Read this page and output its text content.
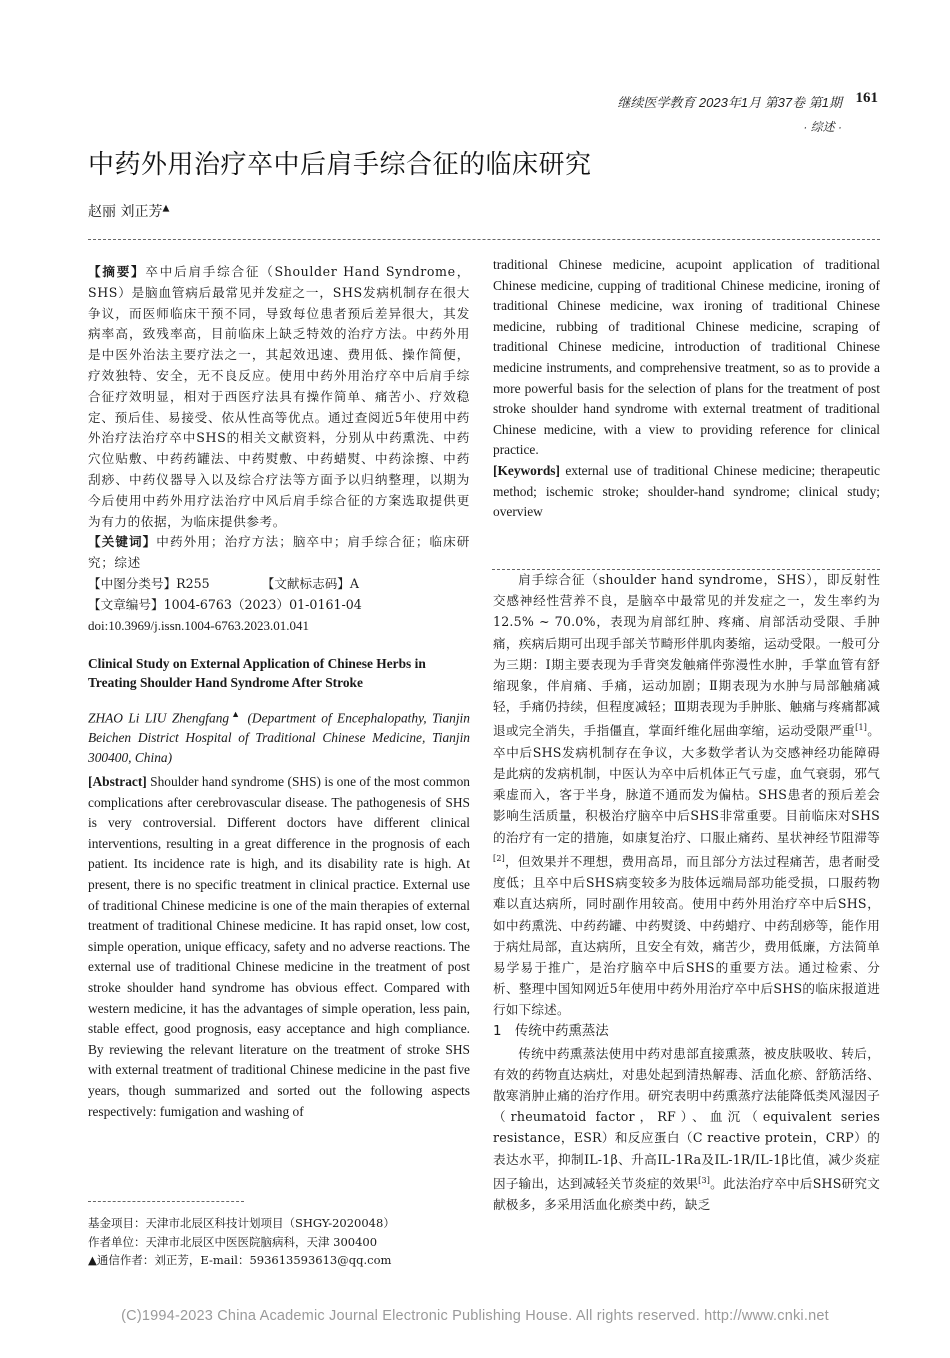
继续医学教育 2023年1月 第37卷 第1期 161
· 综述 ·
中药外用治疗卒中后肩手综合征的临床研究
赵丽 刘正芳▲
【摘要】卒中后肩手综合征（Shoulder Hand Syndrome，SHS）是脑血管病后最常见并发症之一，SHS发病机制存在很大争议，而医师临床干预不同，导致每位患者预后差异很大，其发病率高，致残率高，目前临床上缺乏特效的治疗方法。中药外用是中医外治法主要疗法之一，其起效迅速、费用低、操作简便，疗效独特、安全，无不良反应。使用中药外用治疗卒中后肩手综合征疗效明显，相对于西医疗法具有操作简单、痛苦小、疗效稳定、预后佳、易接受、依从性高等优点。通过查阅近5年使用中药外治疗法治疗卒中SHS的相关文献资料，分别从中药熏洗、中药穴位贴敷、中药药罐法、中药熨敷、中药蜡熨、中药涂擦、中药刮痧、中药仪器导入以及综合疗法等方面予以归纳整理，以期为今后使用中药外用疗法治疗中风后肩手综合征的方案选取提供更为有力的依据，为临床提供参考。
【关键词】中药外用；治疗方法；脑卒中；肩手综合征；临床研究；综述
【中图分类号】R255	【文献标志码】A
【文章编号】1004-6763（2023）01-0161-04
doi:10.3969/j.issn.1004-6763.2023.01.041
Clinical Study on External Application of Chinese Herbs in Treating Shoulder Hand Syndrome After Stroke
ZHAO Li LIU Zhengfang▲ (Department of Encephalopathy, Tianjin Beichen District Hospital of Traditional Chinese Medicine, Tianjin 300400, China)
[Abstract] Shoulder hand syndrome (SHS) is one of the most common complications after cerebrovascular disease. The pathogenesis of SHS is very controversial. Different doctors have different clinical interventions, resulting in a great difference in the prognosis of each patient. Its incidence rate is high, and its disability rate is high. At present, there is no specific treatment in clinical practice. External use of traditional Chinese medicine is one of the main therapies of external treatment of traditional Chinese medicine. It has rapid onset, low cost, simple operation, unique efficacy, safety and no adverse reactions. The external use of traditional Chinese medicine in the treatment of post stroke shoulder hand syndrome has obvious effect. Compared with western medicine, it has the advantages of simple operation, less pain, stable effect, good prognosis, easy acceptance and high compliance. By reviewing the relevant literature on the treatment of stroke SHS with external treatment of traditional Chinese medicine in the past five years, though summarized and sorted out the following aspects respectively: fumigation and washing of
基金项目：天津市北辰区科技计划项目（SHGY-2020048）
作者单位：天津市北辰区中医医院脑病科，天津 300400
▲通信作者：刘正芳，E-mail：593613593613@qq.com
traditional Chinese medicine, acupoint application of traditional Chinese medicine, cupping of traditional Chinese medicine, ironing of traditional Chinese medicine, wax ironing of traditional Chinese medicine, rubbing of traditional Chinese medicine, scraping of traditional Chinese medicine, introduction of traditional Chinese medicine instruments, and comprehensive treatment, so as to provide a more powerful basis for the selection of plans for the treatment of post stroke shoulder hand syndrome with external treatment of traditional Chinese medicine, with a view to providing reference for clinical practice.
[Keywords] external use of traditional Chinese medicine; therapeutic method; ischemic stroke; shoulder-hand syndrome; clinical study; overview
肩手综合征（shoulder hand syndrome，SHS），即反射性交感神经性营养不良，是脑卒中最常见的并发症之一，发生率约为12.5% ~ 70.0%，表现为肩部红肿、疼痛、肩部活动受限、手肿痛，疾病后期可出现手部关节畸形伴肌肉萎缩，运动受限。一般可分为三期：Ⅰ期主要表现为手背突发触痛伴弥漫性水肿，手掌血管有舒缩现象，伴肩痛、手痛，运动加剧；Ⅱ期表现为水肿与局部触痛减轻，手痛仍持续，但程度减轻；Ⅲ期表现为手肿胀、触痛与疼痛都减退或完全消失，手指僵直，掌面纤维化屈曲挛缩，运动受限严重[1]。卒中后SHS发病机制存在争议，大多数学者认为交感神经功能障碍是此病的发病机制，中医认为卒中后机体正气亏虚，血气衰弱，邪气乘虚而入，客于半身，脉道不通而发为偏枯。SHS患者的预后差会影响生活质量，积极治疗脑卒中后SHS非常重要。目前临床对SHS的治疗有一定的措施，如康复治疗、口服止痛药、星状神经节阻滞等[2]，但效果并不理想，费用高昂，而且部分方法过程痛苦，患者耐受度低；且卒中后SHS病变较多为肢体远端局部功能受损，口服药物难以直达病所，同时副作用较高。使用中药外用治疗卒中后SHS，如中药熏洗、中药药罐、中药熨烫、中药蜡疗、中药刮痧等，能作用于病灶局部，直达病所，且安全有效，痛苦少，费用低廉，方法简单易学易于推广，是治疗脑卒中后SHS的重要方法。通过检索、分析、整理中国知网近5年使用中药外用治疗卒中后SHS的临床报道进行如下综述。
1　传统中药熏蒸法
传统中药熏蒸法使用中药对患部直接熏蒸，被皮肤吸收、转后，有效的药物直达病灶，对患处起到清热解毒、活血化瘀、舒筋活络、散寒消肿止痛的治疗作用。研究表明中药熏蒸疗法能降低类风湿因子（rheumatoid factor，RF）、血沉（equivalent series resistance，ESR）和反应蛋白（C reactive protein，CRP）的表达水平，抑制IL-1β、升高IL-1Ra及IL-1R/IL-1β比值，减少炎症因子输出，达到减轻关节炎症的效果[3]。此法治疗卒中后SHS研究文献极多，多采用活血化瘀类中药，缺乏
(C)1994-2023 China Academic Journal Electronic Publishing House. All rights reserved. http://www.cnki.net
